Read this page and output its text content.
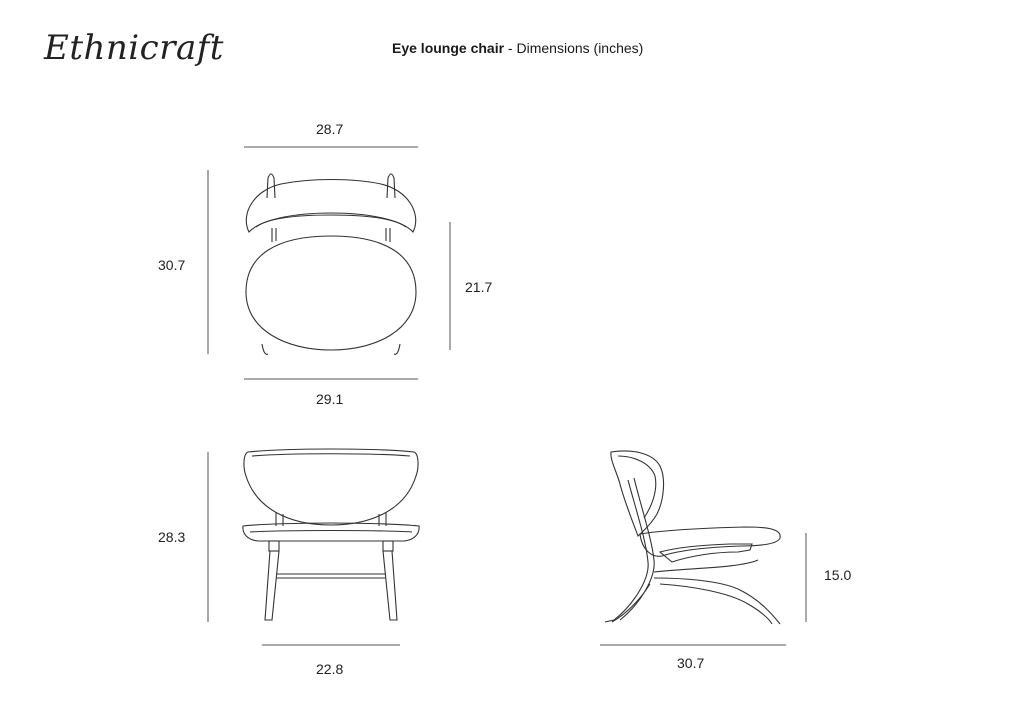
Ethnicraft	Eye lounge chair - Dimensions (inches)
28.7
30.7
21.7
29.1
28.3
22.8
15.0
30.7
